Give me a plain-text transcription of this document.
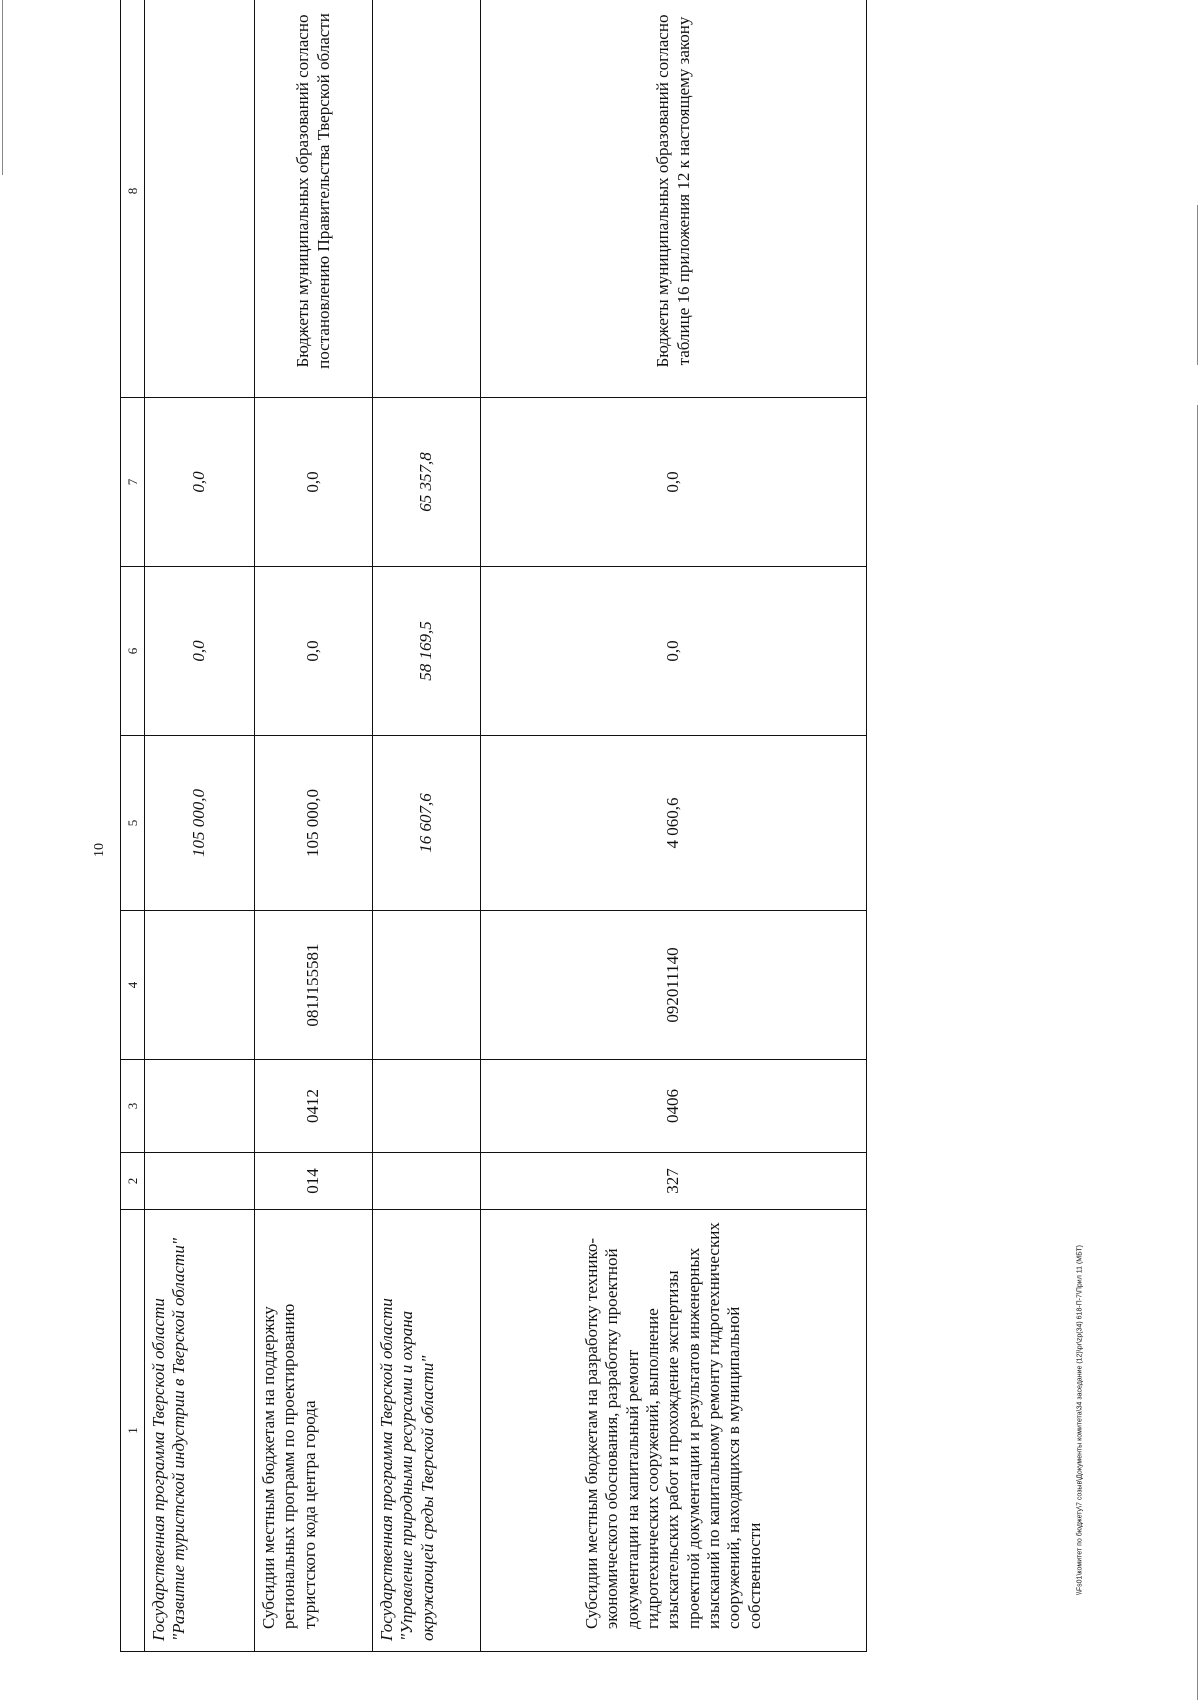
10
1	2	3	4	5	6	7	8
Государственная программа Тверской области "Развитие туристской индустрии в Тверской области"				105 000,0	0,0	0,0	
Субсидии местным бюджетам на поддержку региональных программ по проектированию туристского кода центра города	014	0412	081J155581	105 000,0	0,0	0,0	Бюджеты муниципальных образований согласно постановлению Правительства Тверской области
Государственная программа Тверской области "Управление природными ресурсами и охрана окружающей среды Тверской области"				16 607,6	58 169,5	65 357,8	
Субсидии местным бюджетам на разработку технико-экономического обоснования, разработку проектной документации на капитальный ремонт гидротехнических сооружений, выполнение изыскательских работ и прохождение экспертизы проектной документации и результатов инженерных изысканий по капитальному ремонту гидротехнических сооружений, находящихся в муниципальной собственности	327	0406	092011140	4 060,6	0,0	0,0	Бюджеты муниципальных образований согласно таблице 16 приложения 12 к настоящему закону
\\Fs01\комитет по бюджету\7 созыв\Документы комитета\34 заседание (12)\pr\zp(34) 618-П-7\Прил 11 (МБТ)
